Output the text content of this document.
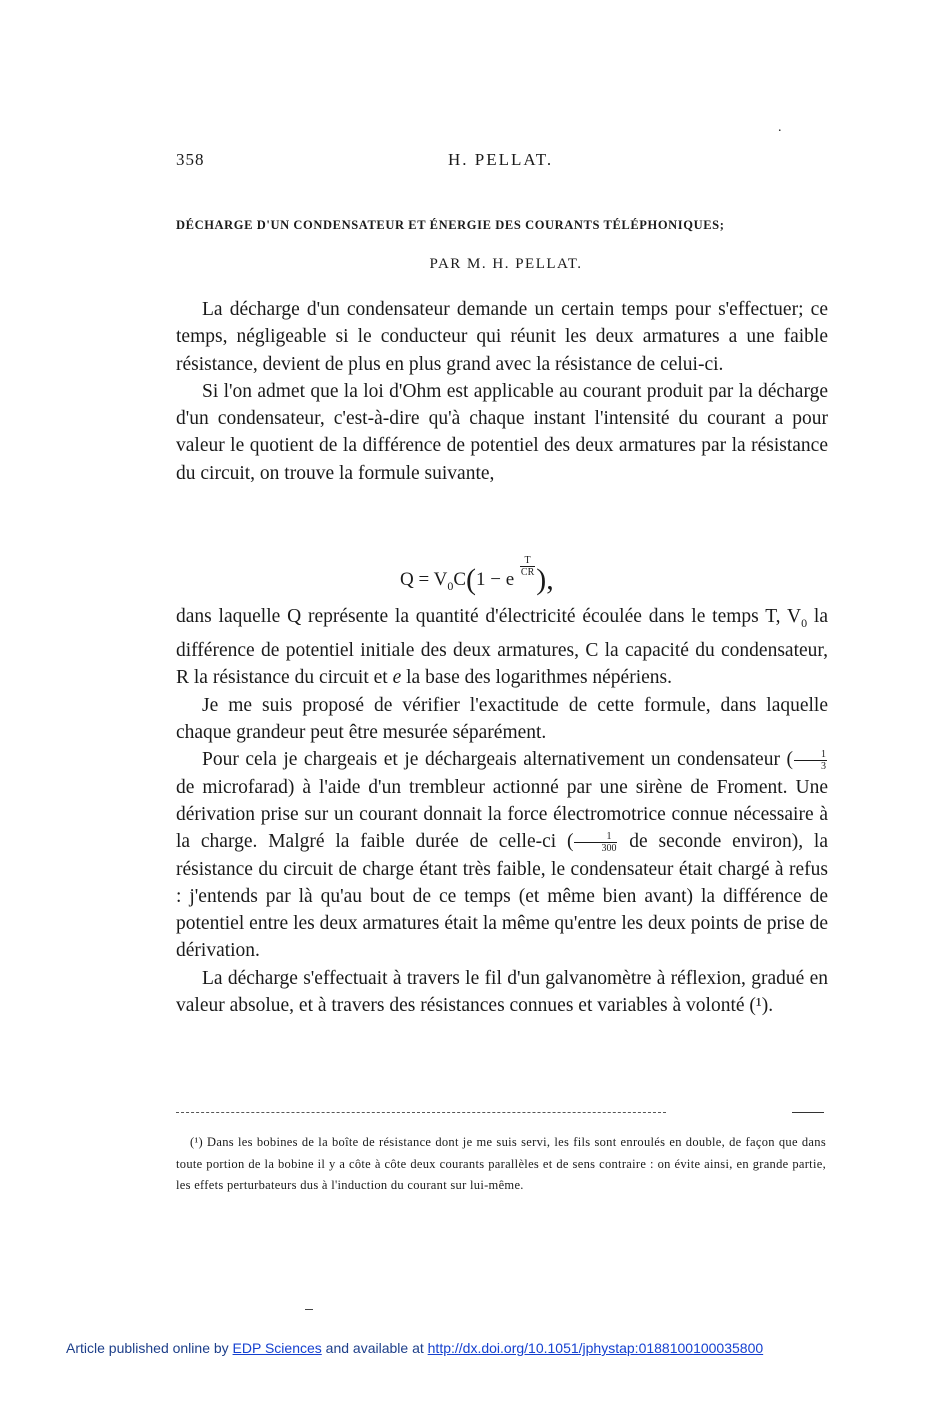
358	H. PELLAT.
.
DÉCHARGE D'UN CONDENSATEUR ET ÉNERGIE DES COURANTS TÉLÉPHONIQUES;
PAR M. H. PELLAT.

La décharge d'un condensateur demande un certain temps pour s'effectuer; ce temps, négligeable si le conducteur qui réunit les deux armatures a une faible résistance, devient de plus en plus grand avec la résistance de celui-ci.

Si l'on admet que la loi d'Ohm est applicable au courant produit par la décharge d'un condensateur, c'est-à-dire qu'à chaque instant l'intensité du courant a pour valeur le quotient de la différence de potentiel des deux armatures par la résistance du circuit, on trouve la formule suivante,

$Q = V_0C(1 - e$
$\frac{T}{CR}$ ),

dans laquelle Q représente la quantité d'électricité écoulée dans le temps T, $V_0$ la différence de potentiel initiale des deux armatures, C la capacité du condensateur, R la résistance du circuit et e la base des logarithmes népériens.

Je me suis proposé de vérifier l'exactitude de cette formule, dans laquelle chaque grandeur peut être mesurée séparément.

Pour cela je chargeais et je déchargeais alternativement un condensateur ( $\frac{1}{3}$
de microfarad) à l'aide d'un trembleur actionné par une sirène de Froment. Une dérivation prise sur un courant donnait la force électromotrice connue nécessaire à la charge. Malgré la faible durée de celle-ci ( $\frac{1}{300}$ de seconde environ), la résistance du circuit de charge étant très faible, le condensateur était chargé à refus : j'entends par là qu'au bout de ce temps (et même bien avant) la différence de potentiel entre les deux armatures était la même qu'entre les deux points de prise de dérivation.

La décharge s'effectuait à travers le fil d'un galvanomètre à réflexion, gradué en valeur absolue, et à travers des résistances connues et variables à volonté (¹).

(¹) Dans les bobines de la boîte de résistance dont je me suis servi, les fils sont enroulés en double, de façon que dans toute portion de la bobine il y a côte à côte deux courants parallèles et de sens contraire : on évite ainsi, en grande partie, les effets perturbateurs dus à l'induction du courant sur lui-même.

Article published online by EDP Sciences and available at http://dx.doi.org/10.1051/jphystap:0188100100035800
